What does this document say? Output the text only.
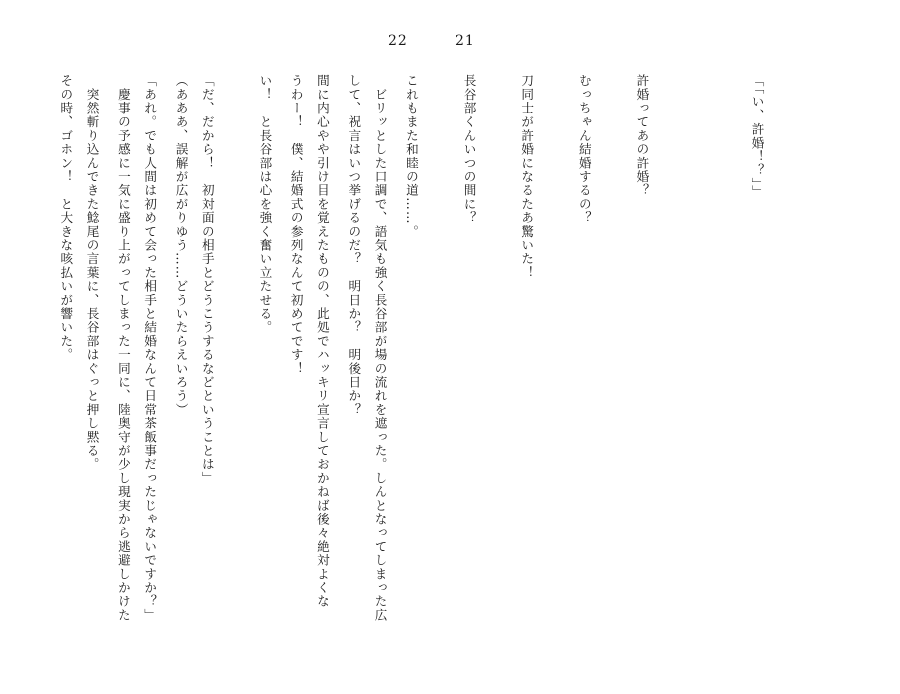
22	21

「「い、許婚！？」」

許婚ってあの許婚？

むっちゃん結婚するの？

刀同士が許婚になるたあ驚いた！

長谷部くんいつの間に？

これもまた和睦の道……。

して、祝言はいつ挙げるのだ？　明日か？　明後日か？

うわー！　僕、結婚式の参列なんて初めてです！

（あああ、誤解が広がりゆう……どういたらえいろう）

　慶事の予感に一気に盛り上がってしまった一同に、陸奥守が少し現実から逃避しかけた

その時、ゴホン！　と大きな咳払いが響いた。

	　ビリッとした口調で、語気も強く長谷部が場の流れを遮った。しんとなってしまった広

間に内心やや引け目を覚えたものの、此処でハッキリ宣言しておかねば後々絶対よくな

い！　と長谷部は心を強く奮い立たせる。

「だ、だから！　初対面の相手とどうこうするなどということは」

「あれ。でも人間は初めて会った相手と結婚なんて日常茶飯事だったじゃないですか？」

　突然斬り込んできた鯰尾の言葉に、長谷部はぐっと押し黙る。
